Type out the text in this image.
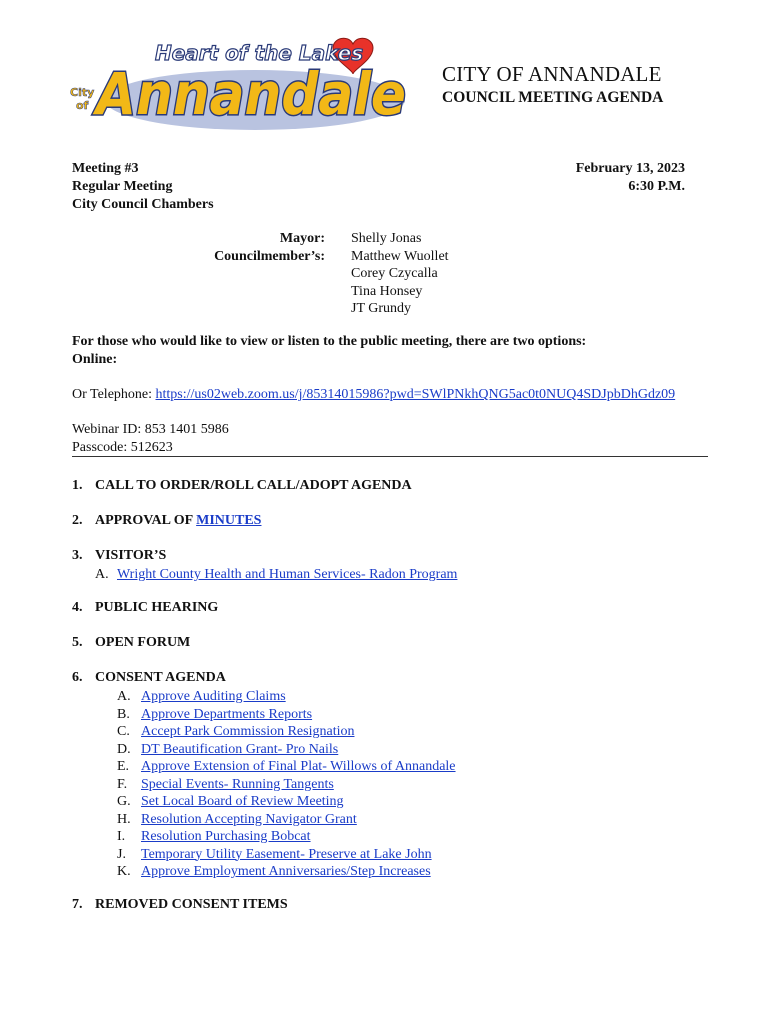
Heart of the Lakes
City
of Annandale CITY OF ANNANDALE
COUNCIL MEETING AGENDA
Meeting #3
Regular Meeting
City Council Chambers
February 13, 2023
6:30 P.M.
Mayor:
Councilmember’s:
Shelly Jonas
Matthew Wuollet
Corey Czycalla
Tina Honsey
JT Grundy
For those who would like to view or listen to the public meeting, there are two options:
Online:
Or Telephone: https://us02web.zoom.us/j/85314015986?pwd=SWlPNkhQNG5ac0t0NUQ4SDJpbDhGdz09
Webinar ID: 853 1401 5986
Passcode: 512623
1. CALL TO ORDER/ROLL CALL/ADOPT AGENDA
2. APPROVAL OF MINUTES
3. VISITOR’S
A. Wright County Health and Human Services- Radon Program
4. PUBLIC HEARING
5. OPEN FORUM
6. CONSENT AGENDA
A. Approve Auditing Claims
B. Approve Departments Reports
C. Accept Park Commission Resignation
D. DT Beautification Grant- Pro Nails
E. Approve Extension of Final Plat- Willows of Annandale
F. Special Events- Running Tangents
G. Set Local Board of Review Meeting
H. Resolution Accepting Navigator Grant
I. Resolution Purchasing Bobcat
J. Temporary Utility Easement- Preserve at Lake John
K. Approve Employment Anniversaries/Step Increases
7. REMOVED CONSENT ITEMS
